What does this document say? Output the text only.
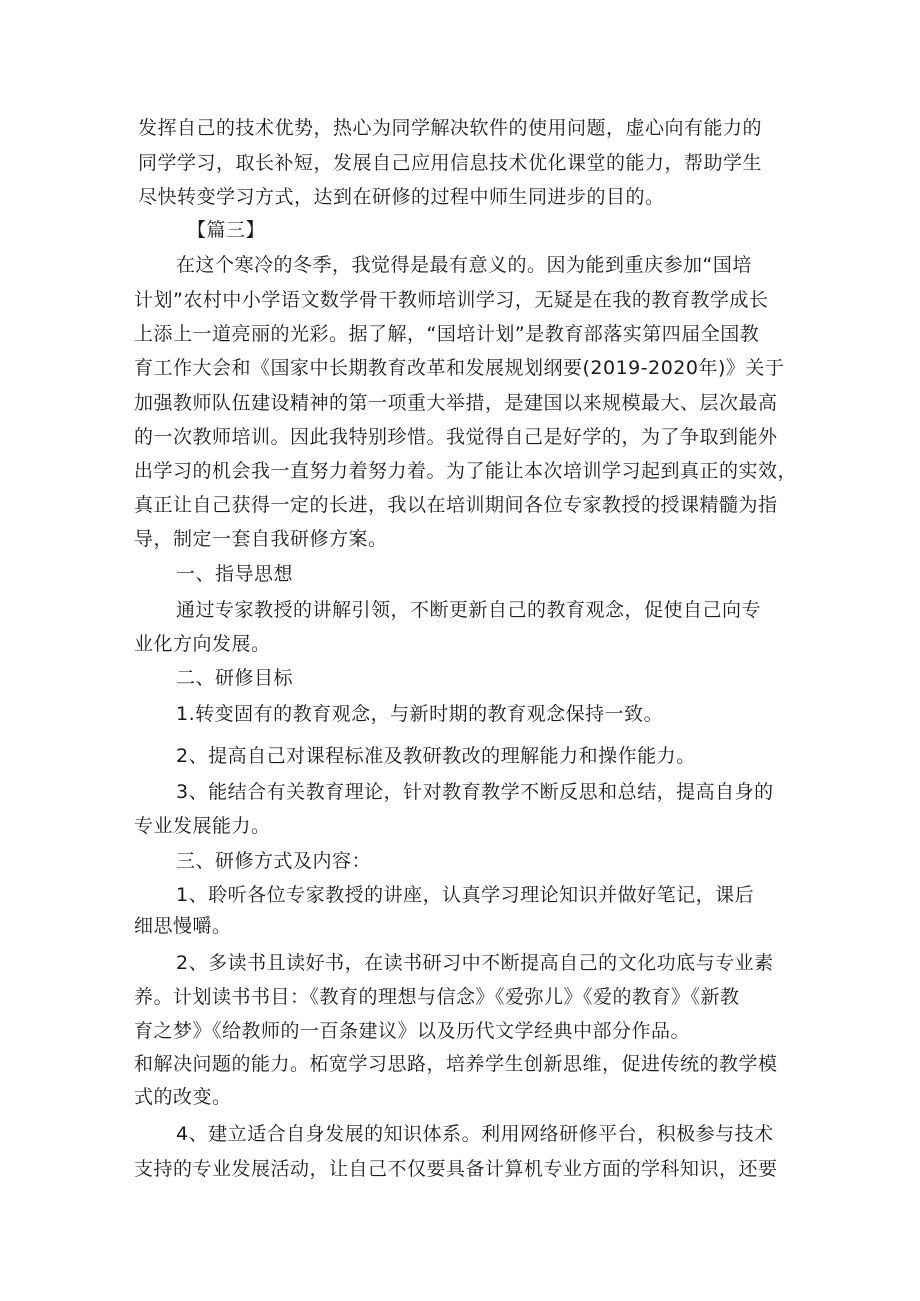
发挥自己的技术优势，热心为同学解决软件的使用问题，虚心向有能力的
同学学习，取长补短，发展自己应用信息技术优化课堂的能力，帮助学生
尽快转变学习方式，达到在研修的过程中师生同进步的目的。
【篇三】
在这个寒冷的冬季，我觉得是最有意义的。因为能到重庆参加“国培
计划”农村中小学语文数学骨干教师培训学习，无疑是在我的教育教学成长
上添上一道亮丽的光彩。据了解，“国培计划”是教育部落实第四届全国教
育工作大会和《国家中长期教育改革和发展规划纲要(2019-2020年)》关于
加强教师队伍建设精神的第一项重大举措，是建国以来规模最大、层次最高
的一次教师培训。因此我特别珍惜。我觉得自己是好学的，为了争取到能外
出学习的机会我一直努力着努力着。为了能让本次培训学习起到真正的实效，
真正让自己获得一定的长进，我以在培训期间各位专家教授的授课精髓为指
导，制定一套自我研修方案。
一、指导思想
通过专家教授的讲解引领，不断更新自己的教育观念，促使自己向专
业化方向发展。
二、研修目标
1.转变固有的教育观念，与新时期的教育观念保持一致。
2、提高自己对课程标准及教研教改的理解能力和操作能力。
3、能结合有关教育理论，针对教育教学不断反思和总结，提高自身的
专业发展能力。
三、研修方式及内容：
1、聆听各位专家教授的讲座，认真学习理论知识并做好笔记，课后
细思慢嚼。
2、多读书且读好书，在读书研习中不断提高自己的文化功底与专业素
养。计划读书书目：《教育的理想与信念》《爱弥儿》《爱的教育》《新教
育之梦》《给教师的一百条建议》以及历代文学经典中部分作品。
和解决问题的能力。柘宽学习思路，培养学生创新思维，促进传统的教学模
式的改变。
4、建立适合自身发展的知识体系。利用网络研修平台，积极参与技术
支持的专业发展活动，让自己不仅要具备计算机专业方面的学科知识，还要
